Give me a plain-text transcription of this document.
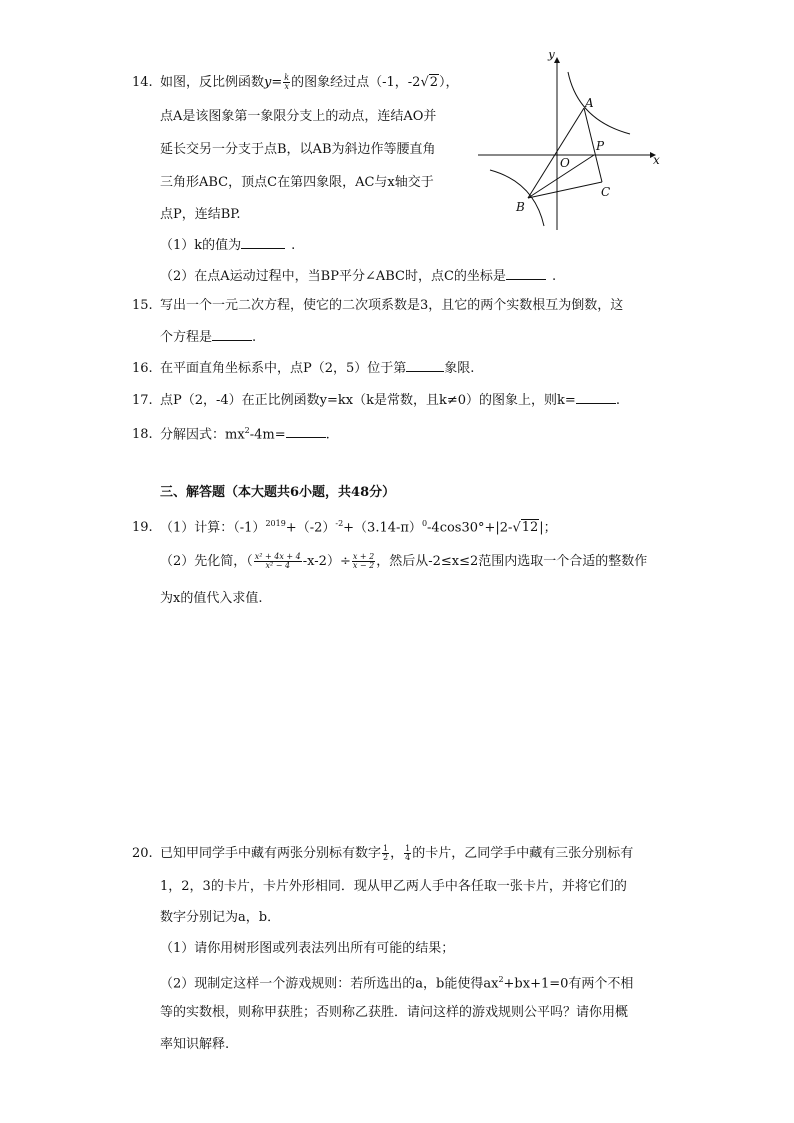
14. 如图，反比例函数$y= \frac{k}{x}$ 的图象经过点（-1，-2√2），
点A是该图象第一象限分支上的动点，连结AO并
延长交另一分支于点B，以AB为斜边作等腰直角
三角形ABC，顶点C在第四象限，AC与x轴交于
点P，连结BP.
（1）k的值为	.
（2）在点A运动过程中，当BP平分∠ABC时，点C的坐标是	.
y
x
O
A
P
C
B
15. 写出一个一元二次方程，使它的二次项系数是3，且它的两个实数根互为倒数，这
个方程是	.
16. 在平面直角坐标系中，点P（2，5）位于第	象限.
17. 点P（2，-4）在正比例函数y=kx（k是常数，且k≠0）的图象上，则k=	.
18. 分解因式：$mx^2-4m=$	.
三、解答题（本大题共6小题，共48分）
19. （1）计算：$(-1)^{2019}+(-2)^{-2}+(3.14-\pi)^0-4\cos 30^\circ+|2-√12|$；
（2）先化简，（ $\frac{\text{x² + 4x + 4}}{\text{x² − 4}} -x-2)\div \frac{x + 2}{x - 2}$ ，然后从-2≤x≤2范围内选取一个合适的整数作
为x的值代入求值.
20. 已知甲同学手中藏有两张分别标有数字 $\frac{1}{2}$ ， $\frac{1}{4}$ 的卡片，乙同学手中藏有三张分别标有
1，2，3的卡片，卡片外形相同．现从甲乙两人手中各任取一张卡片，并将它们的
数字分别记为a，b．
（1）请你用树形图或列表法列出所有可能的结果；
（2）现制定这样一个游戏规则：若所选出的a，b能使得$ax^2+bx+1=0$有两个不相
等的实数根，则称甲获胜；否则称乙获胜．请问这样的游戏规则公平吗？请你用概
率知识解释.
